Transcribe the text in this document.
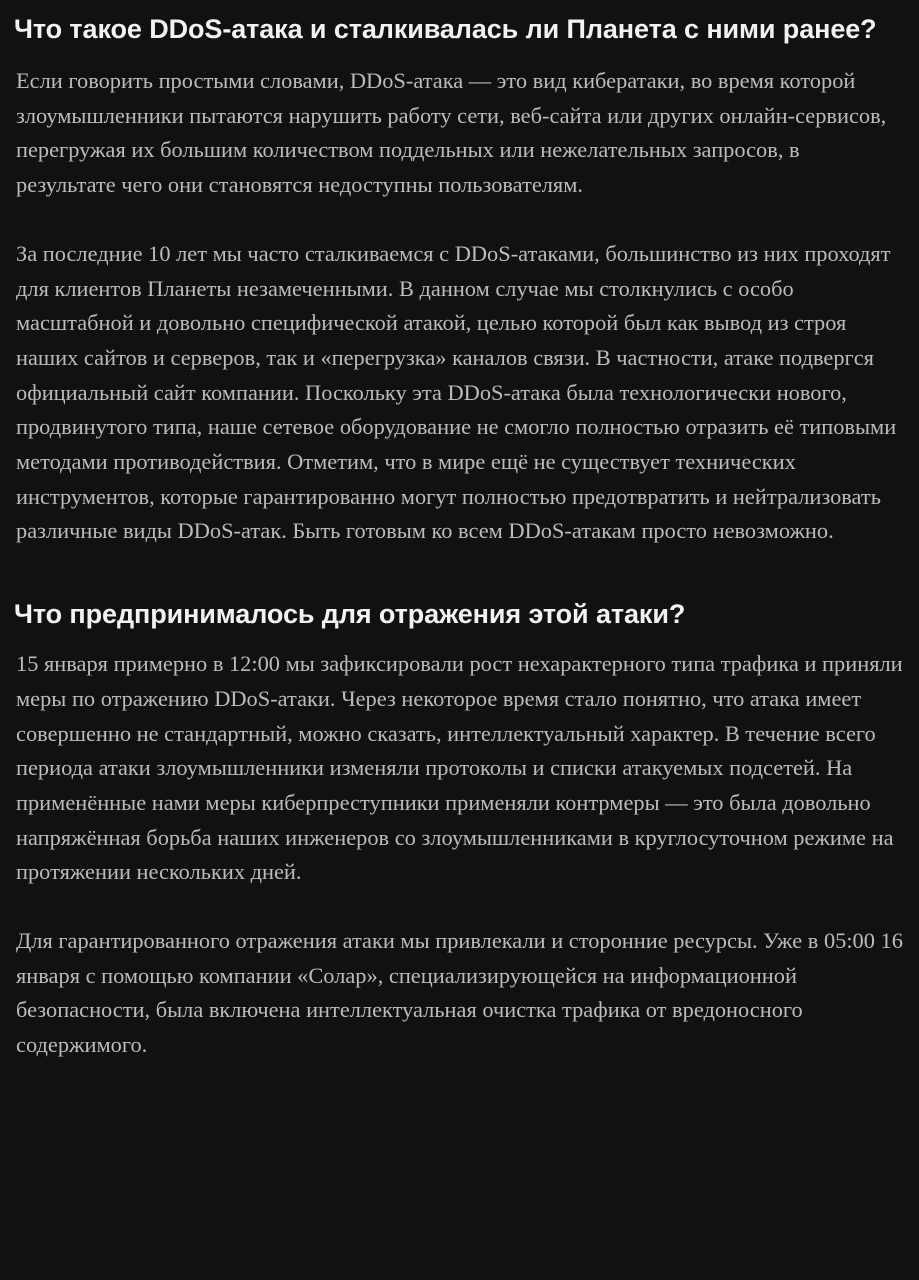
Что такое DDoS-атака и сталкивалась ли Планета с ними ранее?

Если говорить простыми словами, DDoS-атака — это вид кибератаки, во время которой злоумышленники пытаются нарушить работу сети, веб-сайта или других онлайн-сервисов, перегружая их большим количеством поддельных или нежелательных запросов, в результате чего они становятся недоступны пользователям.

За последние 10 лет мы часто сталкиваемся с DDoS-атаками, большинство из них проходят для клиентов Планеты незамеченными. В данном случае мы столкнулись с особо масштабной и довольно специфической атакой, целью которой был как вывод из строя наших сайтов и серверов, так и «перегрузка» каналов связи. В частности, атаке подвергся официальный сайт компании. Поскольку эта DDoS-атака была технологически нового, продвинутого типа, наше сетевое оборудование не смогло полностью отразить её типовыми методами противодействия. Отметим, что в мире ещё не существует технических инструментов, которые гарантированно могут полностью предотвратить и нейтрализовать различные виды DDoS-атак. Быть готовым ко всем DDoS-атакам просто невозможно.

Что предпринималось для отражения этой атаки?

15 января примерно в 12:00 мы зафиксировали рост нехарактерного типа трафика и приняли меры по отражению DDoS-атаки. Через некоторое время стало понятно, что атака имеет совершенно не стандартный, можно сказать, интеллектуальный характер. В течение всего периода атаки злоумышленники изменяли протоколы и списки атакуемых подсетей. На применённые нами меры киберпреступники применяли контрмеры — это была довольно напряжённая борьба наших инженеров со злоумышленниками в круглосуточном режиме на протяжении нескольких дней.

Для гарантированного отражения атаки мы привлекали и сторонние ресурсы. Уже в 05:00 16 января с помощью компании «Солар», специализирующейся на информационной безопасности, была включена интеллектуальная очистка трафика от вредоносного содержимого.
